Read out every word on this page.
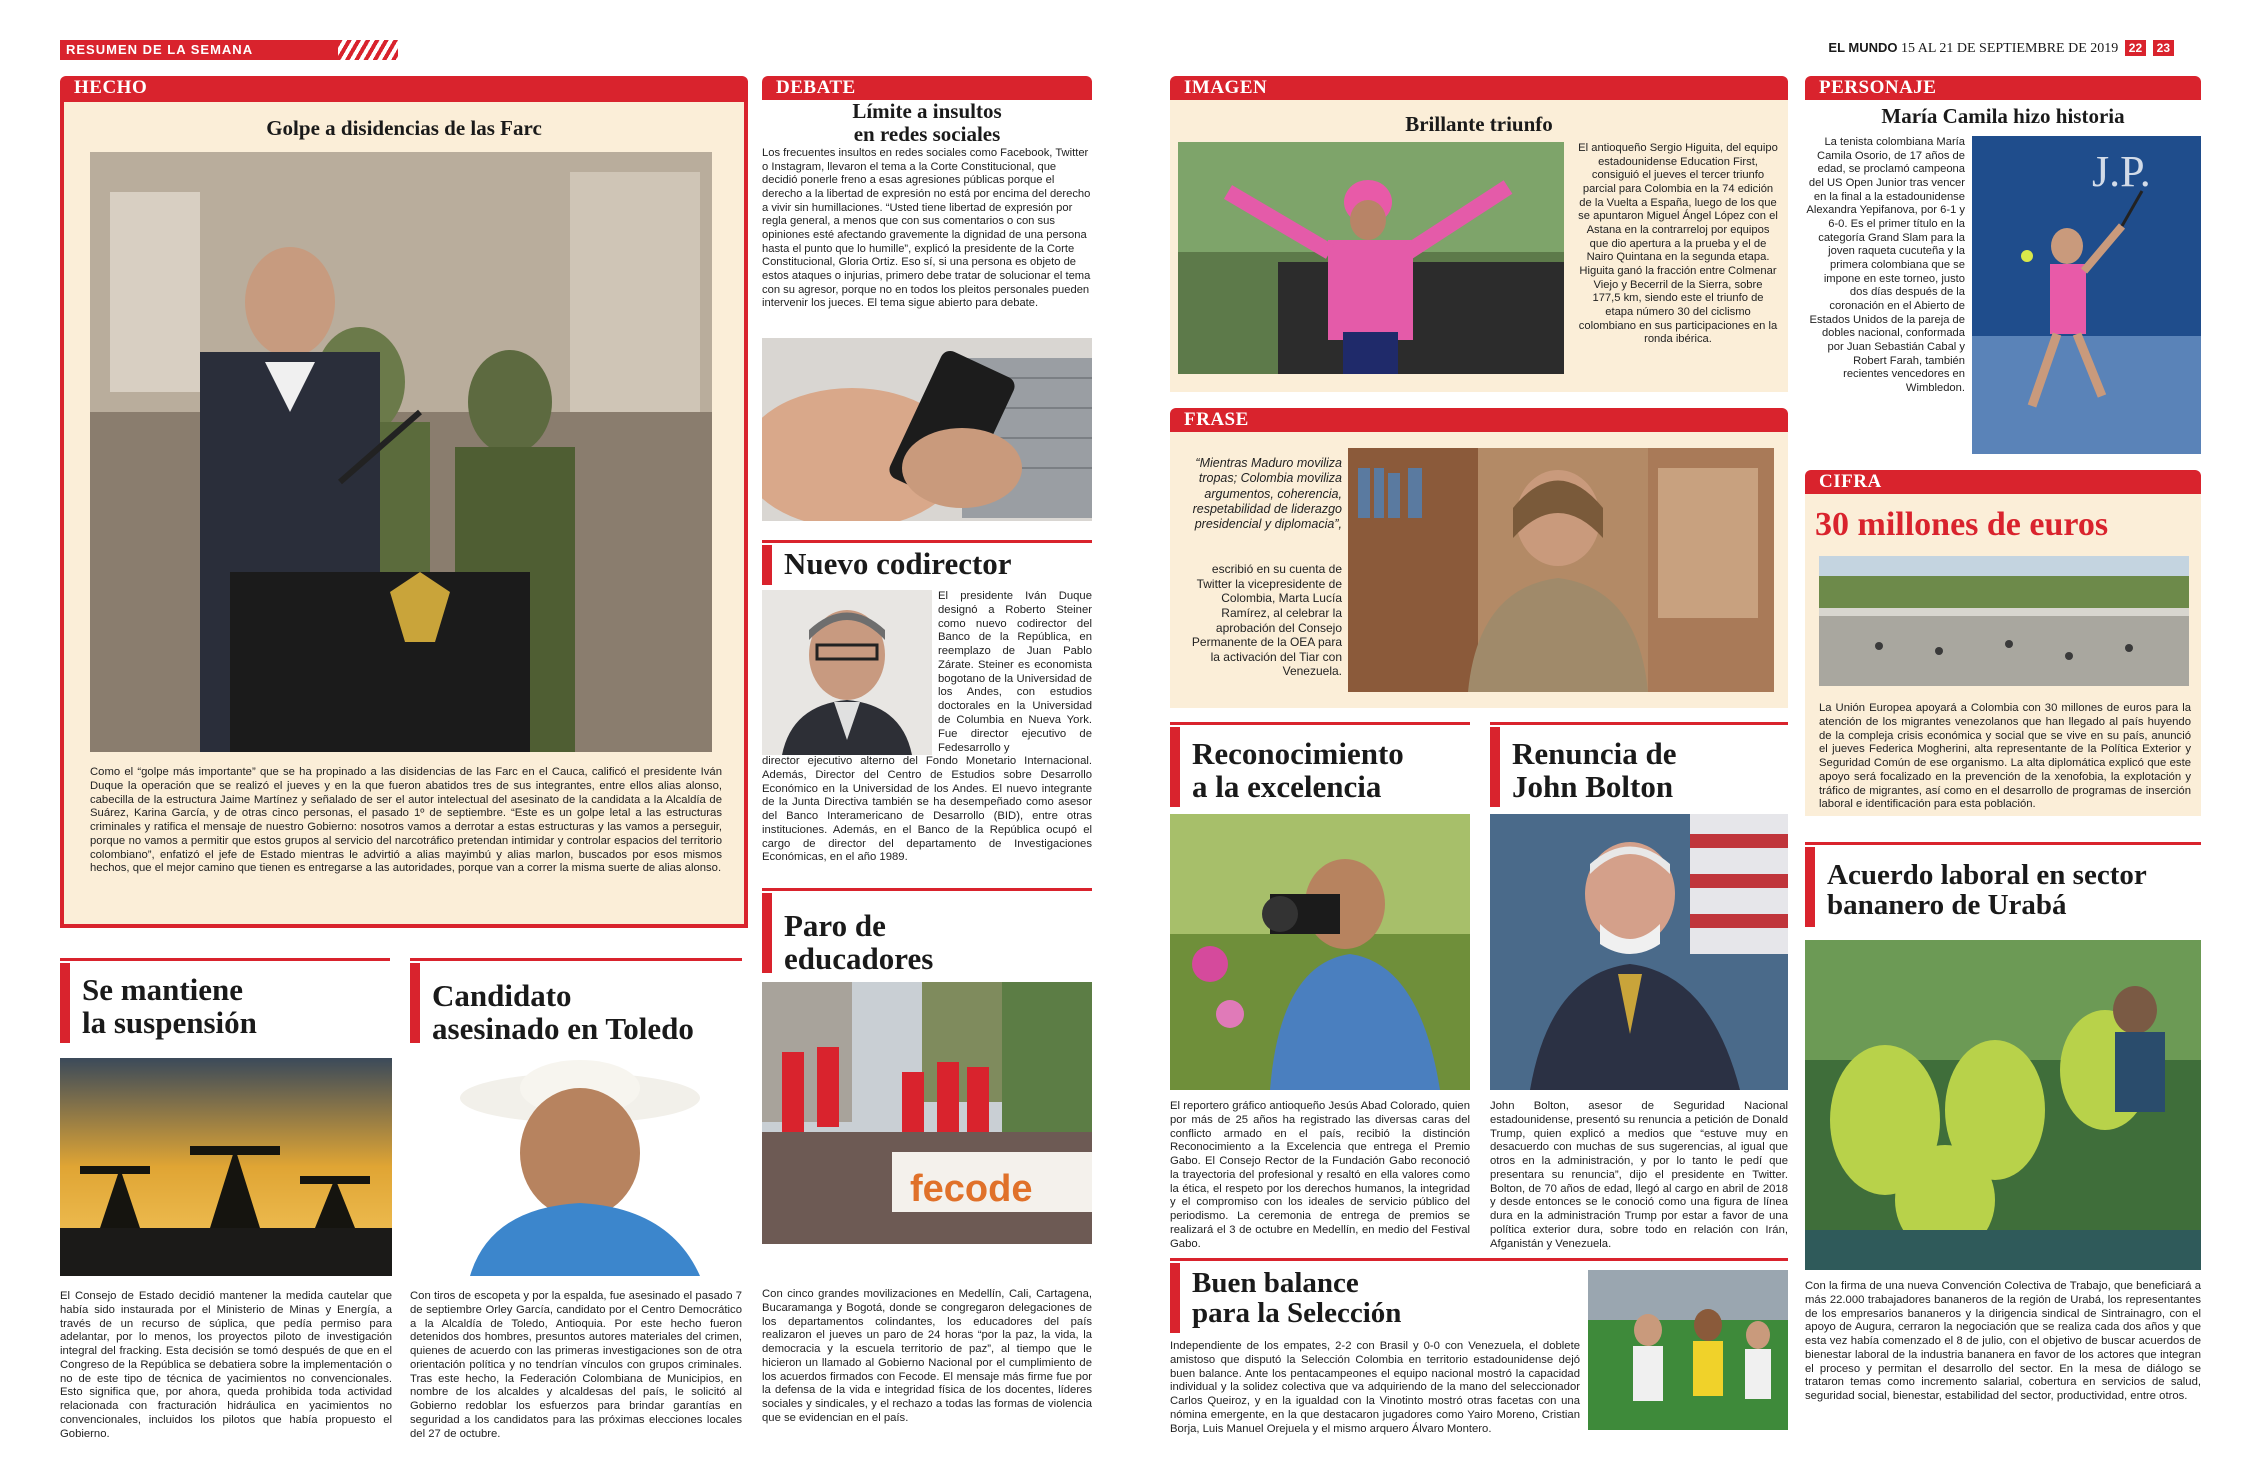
RESUMEN DE LA SEMANA	EL MUNDO 15 AL 21 DE SEPTIEMBRE DE 2019 22 23
HECHO
Golpe a disidencias de las Farc
Como el “golpe más importante” que se ha propinado a las disidencias de las Farc en el Cauca, calificó el presidente Iván Duque la operación que se realizó el jueves y en la que fueron abatidos tres de sus integrantes, entre ellos alias alonso, cabecilla de la estructura Jaime Martínez y señalado de ser el autor intelectual del asesinato de la candidata a la Alcaldía de Suárez, Karina García, y de otras cinco personas, el pasado 1º de septiembre. “Este es un golpe letal a las estructuras criminales y ratifica el mensaje de nuestro Gobierno: nosotros vamos a derrotar a estas estructuras y las vamos a perseguir, porque no vamos a permitir que estos grupos al servicio del narcotráfico pretendan intimidar y controlar espacios del territorio colombiano”, enfatizó el jefe de Estado mientras le advirtió a alias mayimbú y alias marlon, buscados por esos mismos hechos, que el mejor camino que tienen es entregarse a las autoridades, porque van a correr la misma suerte de alias alonso.
DEBATE
Límite a insultos
en redes sociales
Los frecuentes insultos en redes sociales como Facebook, Twitter o Instagram, llevaron el tema a la Corte Constitucional, que decidió ponerle freno a esas agresiones públicas porque el derecho a la libertad de expresión no está por encima del derecho a vivir sin humillaciones. “Usted tiene libertad de expresión por regla general, a menos que con sus comentarios o con sus opiniones esté afectando gravemente la dignidad de una persona hasta el punto que lo humille”, explicó la presidente de la Corte Constitucional, Gloria Ortiz. Eso sí, si una persona es objeto de estos ataques o injurias, primero debe tratar de solucionar el tema con su agresor, porque no en todos los pleitos personales pueden intervenir los jueces. El tema sigue abierto para debate.
Nuevo codirector
El presidente Iván Duque designó a Roberto Steiner como nuevo codirector del Banco de la República, en reemplazo de Juan Pablo Zárate. Steiner es economista bogotano de la Universidad de los Andes, con estudios doctorales en la Universidad de Columbia en Nueva York. Fue director ejecutivo de Fedesarrollo y
director ejecutivo alterno del Fondo Monetario Internacional. Además, Director del Centro de Estudios sobre Desarrollo Económico en la Universidad de los Andes. El nuevo integrante de la Junta Directiva también se ha desempeñado como asesor del Banco Interamericano de Desarrollo (BID), entre otras instituciones. Además, en el Banco de la República ocupó el cargo de director del departamento de Investigaciones Económicas, en el año 1989.
Paro de
educadores
fecode
Con cinco grandes movilizaciones en Medellín, Cali, Cartagena, Bucaramanga y Bogotá, donde se congregaron delegaciones de los departamentos colindantes, los educadores del país realizaron el jueves un paro de 24 horas “por la paz, la vida, la democracia y la escuela territorio de paz”, al tiempo que le hicieron un llamado al Gobierno Nacional por el cumplimiento de los acuerdos firmados con Fecode. El mensaje más firme fue por la defensa de la vida e integridad física de los docentes, líderes sociales y sindicales, y el rechazo a todas las formas de violencia que se evidencian en el país.
Se mantiene
la suspensión
El Consejo de Estado decidió mantener la medida cautelar que había sido instaurada por el Ministerio de Minas y Energía, a través de un recurso de súplica, que pedía permiso para adelantar, por lo menos, los proyectos piloto de investigación integral del fracking. Esta decisión se tomó después de que en el Congreso de la República se debatiera sobre la implementación o no de este tipo de técnica de yacimientos no convencionales. Esto significa que, por ahora, queda prohibida toda actividad relacionada con fracturación hidráulica en yacimientos no convencionales, incluidos los pilotos que había propuesto el Gobierno.
Candidato
asesinado en Toledo
Con tiros de escopeta y por la espalda, fue asesinado el pasado 7 de septiembre Orley García, candidato por el Centro Democrático a la Alcaldía de Toledo, Antioquia. Por este hecho fueron detenidos dos hombres, presuntos autores materiales del crimen, quienes de acuerdo con las primeras investigaciones son de otra orientación política y no tendrían vínculos con grupos criminales. Tras este hecho, la Federación Colombiana de Municipios, en nombre de los alcaldes y alcaldesas del país, le solicitó al Gobierno redoblar los esfuerzos para brindar garantías en seguridad a los candidatos para las próximas elecciones locales del 27 de octubre.
IMAGEN
Brillante triunfo
El antioqueño Sergio Higuita, del equipo estadounidense Education First, consiguió el jueves el tercer triunfo parcial para Colombia en la 74 edición de la Vuelta a España, luego de los que se apuntaron Miguel Ángel López con el Astana en la contrarreloj por equipos que dio apertura a la prueba y el de Nairo Quintana en la segunda etapa. Higuita ganó la fracción entre Colmenar Viejo y Becerril de la Sierra, sobre 177,5 km, siendo este el triunfo de etapa número 30 del ciclismo colombiano en sus participaciones en la ronda ibérica.
FRASE
“Mientras Maduro moviliza tropas; Colombia moviliza argumentos, coherencia, respetabilidad de liderazgo presidencial y diplomacia”,
escribió en su cuenta de Twitter la vicepresidente de Colombia, Marta Lucía Ramírez, al celebrar la aprobación del Consejo Permanente de la OEA para la activación del Tiar con Venezuela.
PERSONAJE
María Camila hizo historia
La tenista colombiana María Camila Osorio, de 17 años de edad, se proclamó campeona del US Open Junior tras vencer en la final a la estadounidense Alexandra Yepifanova, por 6-1 y 6-0. Es el primer título en la categoría Grand Slam para la joven raqueta cucuteña y la primera colombiana que se impone en este torneo, justo dos días después de la coronación en el Abierto de Estados Unidos de la pareja de dobles nacional, conformada por Juan Sebastián Cabal y Robert Farah, también recientes vencedores en Wimbledon.
J.P.
CIFRA
30 millones de euros
La Unión Europea apoyará a Colombia con 30 millones de euros para la atención de los migrantes venezolanos que han llegado al país huyendo de la compleja crisis económica y social que se vive en su país, anunció el jueves Federica Mogherini, alta representante de la Política Exterior y Seguridad Común de ese organismo. La alta diplomática explicó que este apoyo será focalizado en la prevención de la xenofobia, la explotación y tráfico de migrantes, así como en el desarrollo de programas de inserción laboral e identificación para esta población.
Reconocimiento
a la excelencia
El reportero gráfico antioqueño Jesús Abad Colorado, quien por más de 25 años ha registrado las diversas caras del conflicto armado en el país, recibió la distinción Reconocimiento a la Excelencia que entrega el Premio Gabo. El Consejo Rector de la Fundación Gabo reconoció la trayectoria del profesional y resaltó en ella valores como la ética, el respeto por los derechos humanos, la integridad y el compromiso con los ideales de servicio público del periodismo. La ceremonia de entrega de premios se realizará el 3 de octubre en Medellín, en medio del Festival Gabo.
Renuncia de
John Bolton
John Bolton, asesor de Seguridad Nacional estadounidense, presentó su renuncia a petición de Donald Trump, quien explicó a medios que “estuve muy en desacuerdo con muchas de sus sugerencias, al igual que otros en la administración, y por lo tanto le pedí que presentara su renuncia”, dijo el presidente en Twitter. Bolton, de 70 años de edad, llegó al cargo en abril de 2018 y desde entonces se le conoció como una figura de línea dura en la administración Trump por estar a favor de una política exterior dura, sobre todo en relación con Irán, Afganistán y Venezuela.
Acuerdo laboral en sector
bananero de Urabá
Con la firma de una nueva Convención Colectiva de Trabajo, que beneficiará a más 22.000 trabajadores bananeros de la región de Urabá, los representantes de los empresarios bananeros y la dirigencia sindical de Sintrainagro, con el apoyo de Augura, cerraron la negociación que se realiza cada dos años y que esta vez había comenzado el 8 de julio, con el objetivo de buscar acuerdos de bienestar laboral de la industria bananera en favor de los actores que integran el proceso y permitan el desarrollo del sector. En la mesa de diálogo se trataron temas como incremento salarial, cobertura en servicios de salud, seguridad social, bienestar, estabilidad del sector, productividad, entre otros.
Buen balance
para la Selección
Independiente de los empates, 2-2 con Brasil y 0-0 con Venezuela, el doblete amistoso que disputó la Selección Colombia en territorio estadounidense dejó buen balance. Ante los pentacampeones el equipo nacional mostró la capacidad individual y la solidez colectiva que va adquiriendo de la mano del seleccionador Carlos Queiroz, y en la igualdad con la Vinotinto mostró otras facetas con una nómina emergente, en la que destacaron jugadores como Yairo Moreno, Cristian Borja, Luis Manuel Orejuela y el mismo arquero Álvaro Montero.
